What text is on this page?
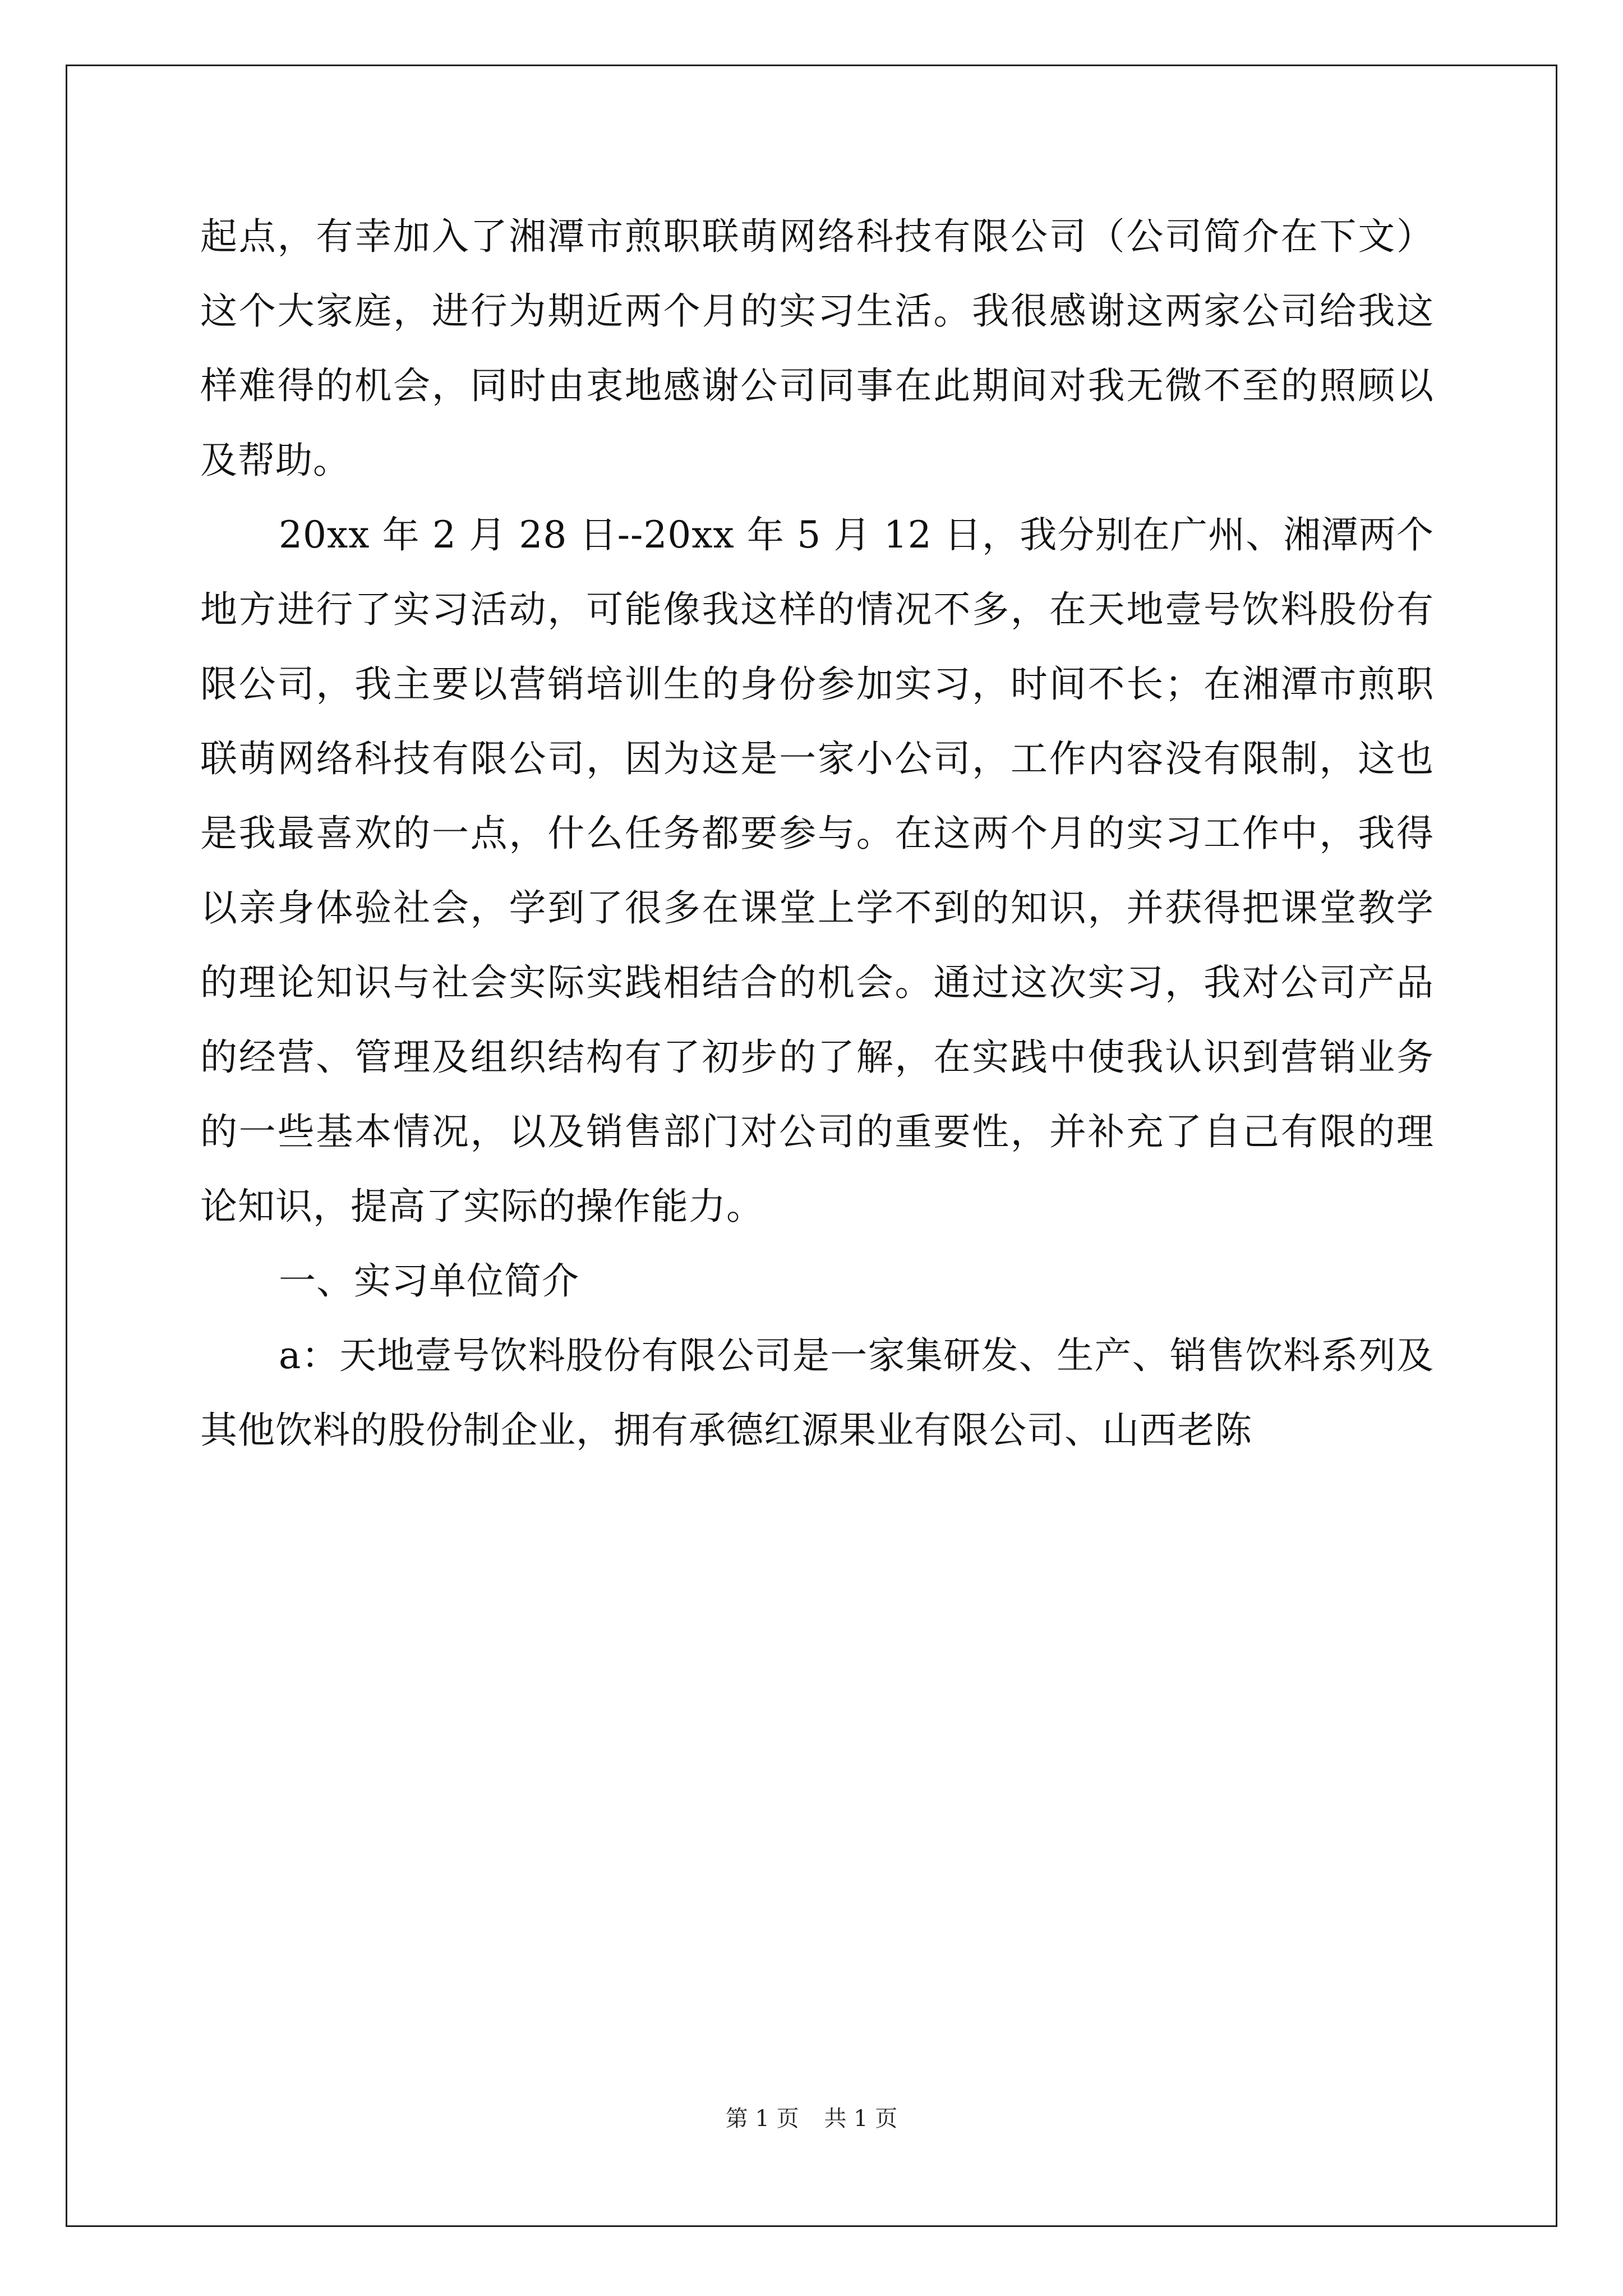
起点，有幸加入了湘潭市煎职联萌网络科技有限公司（公司简介在下文）这个大家庭，进行为期近两个月的实习生活。我很感谢这两家公司给我这样难得的机会，同时由衷地感谢公司同事在此期间对我无微不至的照顾以及帮助。

20xx 年 2 月 28 日--20xx 年 5 月 12 日，我分别在广州、湘潭两个地方进行了实习活动，可能像我这样的情况不多，在天地壹号饮料股份有限公司，我主要以营销培训生的身份参加实习，时间不长；在湘潭市煎职联萌网络科技有限公司，因为这是一家小公司，工作内容没有限制，这也是我最喜欢的一点，什么任务都要参与。在这两个月的实习工作中，我得以亲身体验社会，学到了很多在课堂上学不到的知识，并获得把课堂教学的理论知识与社会实际实践相结合的机会。通过这次实习，我对公司产品的经营、管理及组织结构有了初步的了解，在实践中使我认识到营销业务的一些基本情况，以及销售部门对公司的重要性，并补充了自己有限的理论知识，提高了实际的操作能力。

一、实习单位简介

a：天地壹号饮料股份有限公司是一家集研发、生产、销售饮料系列及其他饮料的股份制企业，拥有承德红源果业有限公司、山西老陈

第 1 页 共 1 页
